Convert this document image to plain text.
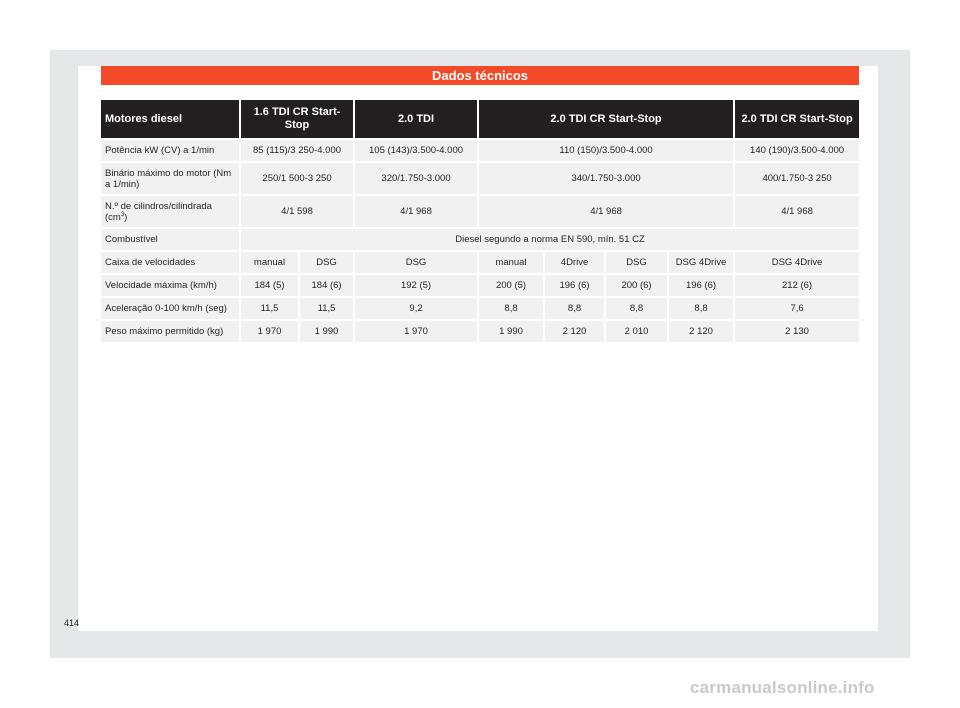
Dados técnicos
Motores diesel	1.6 TDI CR Start-Stop		2.0 TDI	2.0 TDI CR Start-Stop				2.0 TDI CR Start-Stop
Potência kW (CV) a 1/min	85 (115)/3 250-4.000		105 (143)/3.500-4.000	110 (150)/3.500-4.000				140 (190)/3.500-4.000
Binário máximo do motor (Nm a 1/min)	250/1 500-3 250		320/1.750-3.000	340/1.750-3.000				400/1.750-3 250
N.º de cilindros/cilindrada $(cm^3)$	4/1 598		4/1 968	4/1 968				4/1 968
Combustível	Diesel segundo a norma EN 590, mín. 51 CZ							
Caixa de velocidades	manual	DSG	DSG	manual	4Drive	DSG	DSG 4Drive	DSG 4Drive
Velocidade máxima (km/h)	184 (5)	184 (6)	192 (5)	200 (5)	196 (6)	200 (6)	196 (6)	212 (6)
Aceleração 0-100 km/h (seg)	11,5	11,5	9,2	8,8	8,8	8,8	8,8	7,6
Peso máximo permitido (kg)	1 970	1 990	1 970	1 990	2 120	2 010	2 120	2 130
414
carmanualsonline.info
